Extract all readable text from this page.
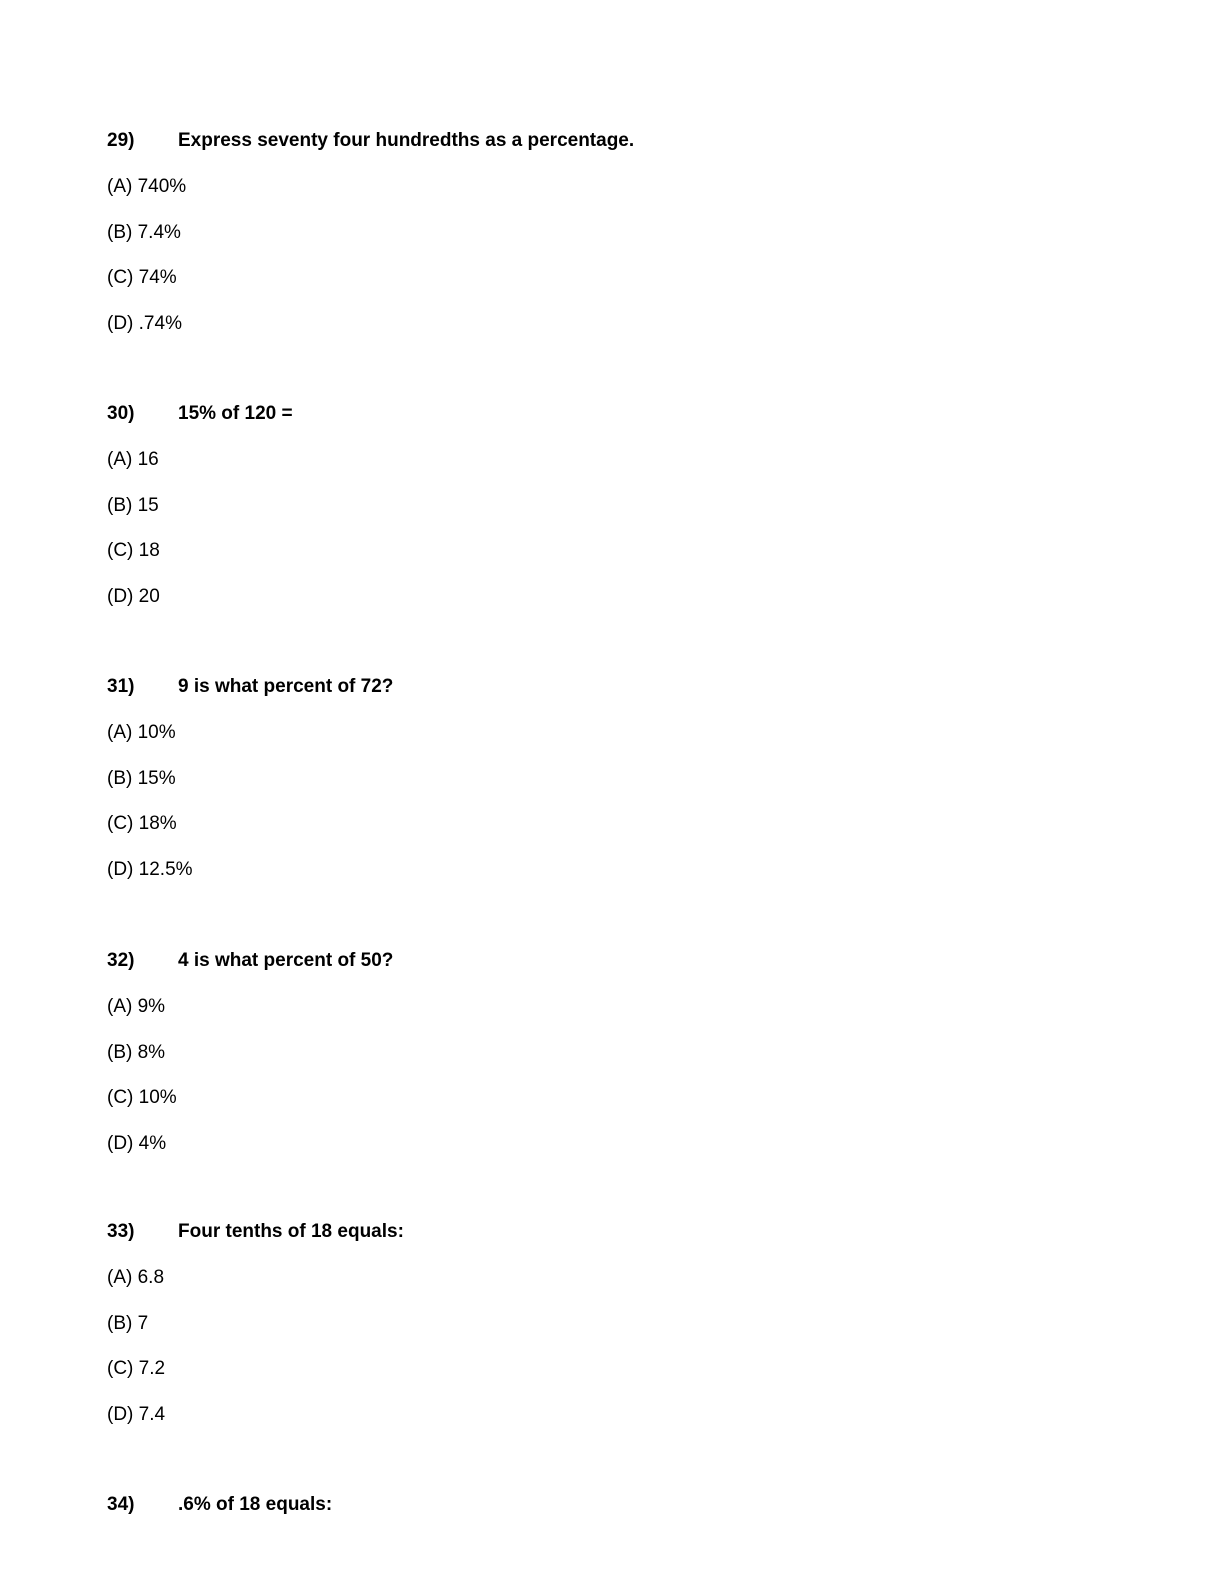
29) Express seventy four hundredths as a percentage.
(A) 740%
(B) 7.4%
(C) 74%
(D) .74%
30) 15% of 120 =
(A) 16
(B) 15
(C) 18
(D) 20
31) 9 is what percent of 72?
(A) 10%
(B) 15%
(C) 18%
(D) 12.5%
32) 4 is what percent of 50?
(A) 9%
(B) 8%
(C) 10%
(D) 4%
33) Four tenths of 18 equals:
(A) 6.8
(B) 7
(C) 7.2
(D) 7.4
34) .6% of 18 equals:
